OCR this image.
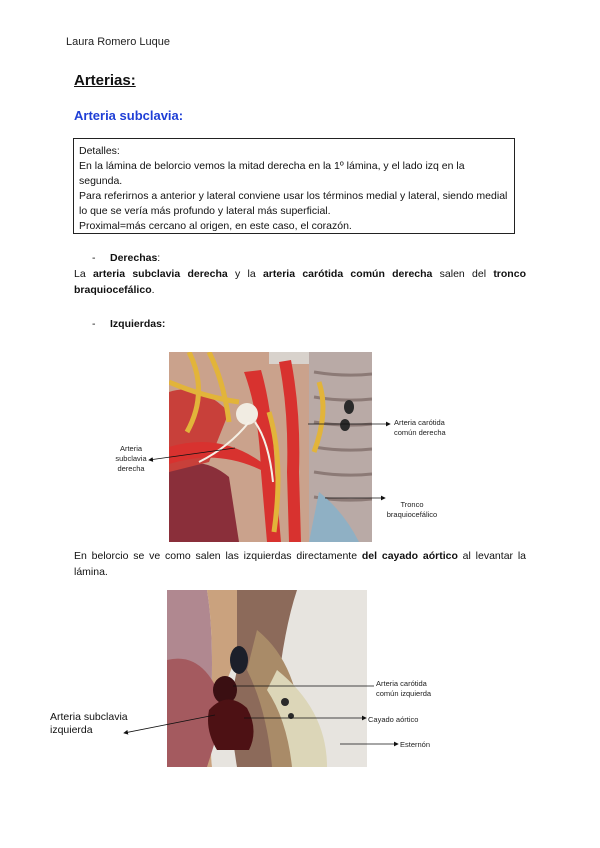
Laura Romero Luque
Arterias:
Arteria subclavia:
Detalles:
En la lámina de belorcio vemos la mitad derecha en la 1º lámina, y el lado izq en la segunda.
Para referirnos a anterior y lateral conviene usar los términos medial y lateral, siendo medial lo que se vería más profundo y lateral más superficial.
Proximal=más cercano al origen, en este caso, el corazón.
- Derechas:
La arteria subclavia derecha y la arteria carótida común derecha salen del tronco braquiocefálico.
- Izquierdas:
Arteria
subclavia
derecha
Arteria carótida
común derecha
Tronco
braquiocefálico
En belorcio se ve como salen las izquierdas directamente del cayado aórtico al levantar la lámina.
Arteria carótida
común izquierda
Cayado aórtico
Esternón
Arteria subclavia
izquierda
